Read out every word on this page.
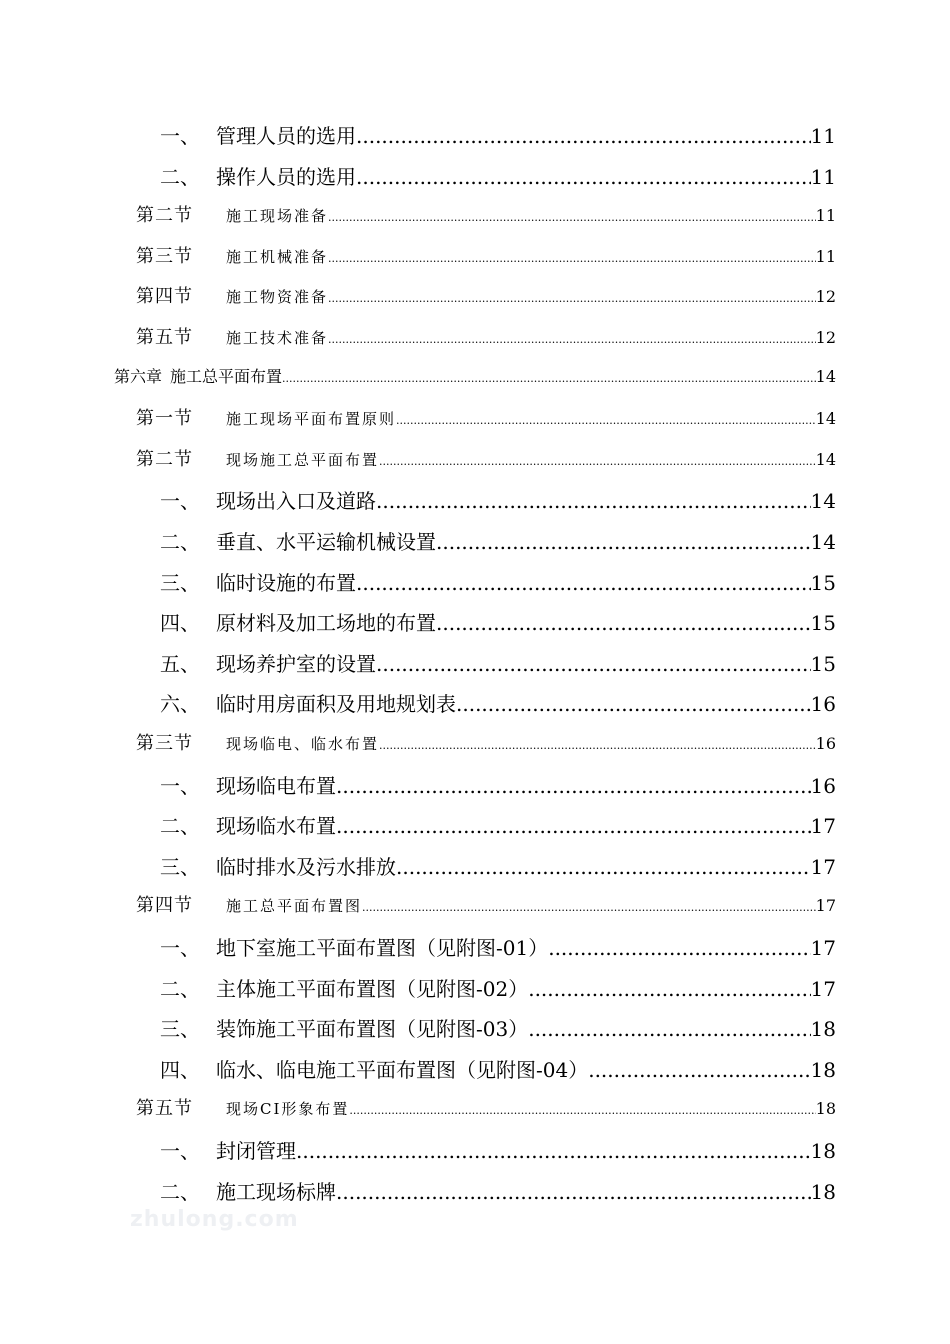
一、 管理人员的选用 .....	11
二、 操作人员的选用 .....	11
第二节	施工现场准备 .....	11
第三节	施工机械准备 .....	11
第四节	施工物资准备 .....	12
第五节	施工技术准备 .....	12
第六章 施工总平面布置 .....	14
第一节	施工现场平面布置原则 .....	14
第二节	现场施工总平面布置 .....	14
一、 现场出入口及道路 .....	14
二、 垂直、水平运输机械设置 .....	14
三、 临时设施的布置 .....	15
四、 原材料及加工场地的布置 .....	15
五、 现场养护室的设置 .....	15
六、 临时用房面积及用地规划表 .....	16
第三节	现场临电、临水布置 .....	16
一、 现场临电布置 .....	16
二、 现场临水布置 .....	17
三、 临时排水及污水排放 .....	17
第四节	施工总平面布置图 .....	17
一、 地下室施工平面布置图（见附图-01） .....	17
二、 主体施工平面布置图（见附图-02） .....	17
三、 装饰施工平面布置图（见附图-03） .....	18
四、 临水、临电施工平面布置图（见附图-04） .....	18
第五节	现场CI形象布置 .....	18
一、 封闭管理 .....	18
二、 施工现场标牌 .....	18
zhulong.com
